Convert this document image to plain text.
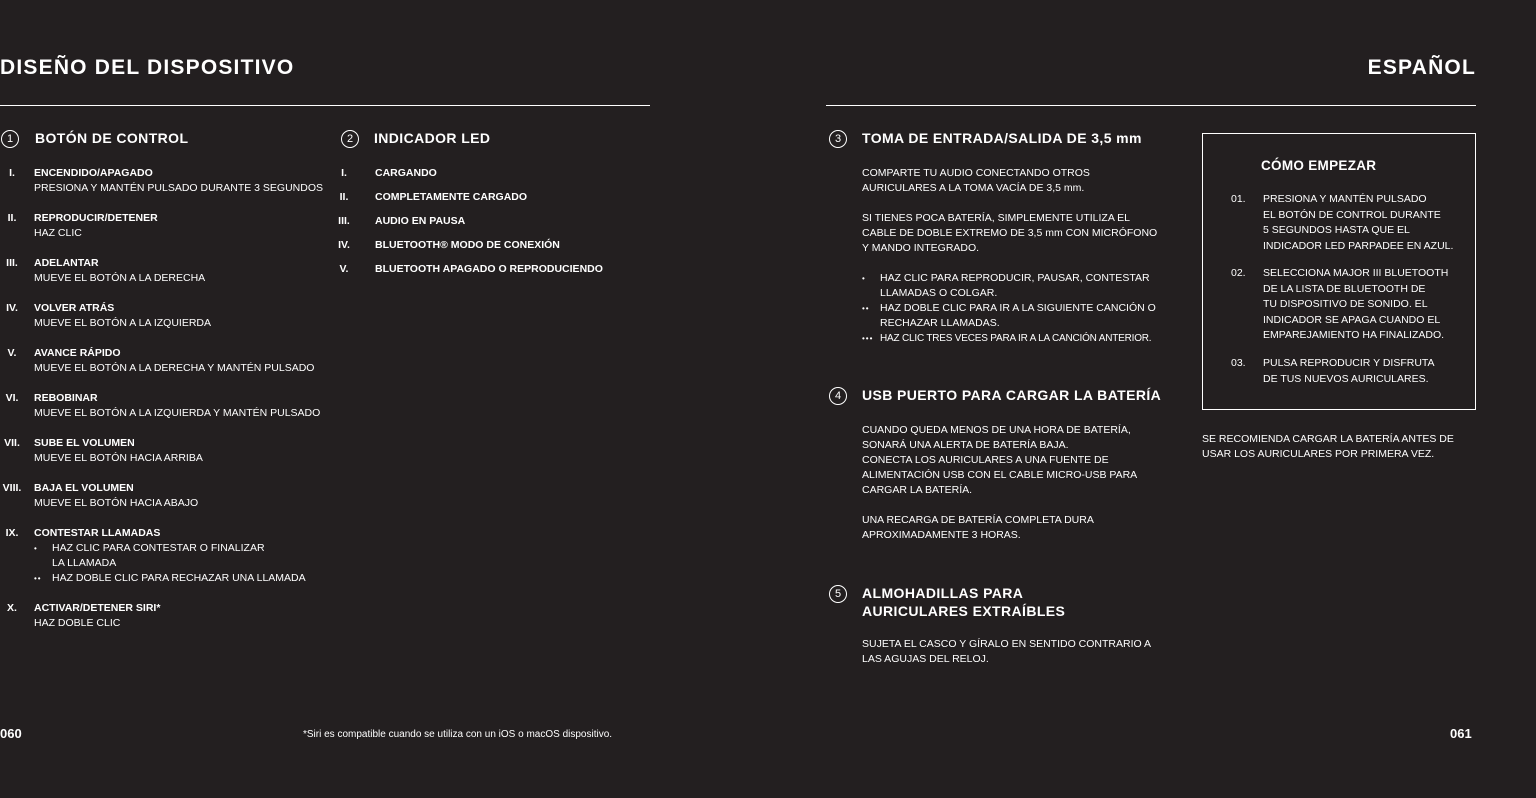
DISEÑO DEL DISPOSITIVO
1	BOTÓN DE CONTROL
I.	ENCENDIDO/APAGADO
PRESIONA Y MANTÉN PULSADO DURANTE 3 SEGUNDOS
II.	REPRODUCIR/DETENER
HAZ CLIC
III.	ADELANTAR
MUEVE EL BOTÓN A LA DERECHA
IV.	VOLVER ATRÁS
MUEVE EL BOTÓN A LA IZQUIERDA
V.	AVANCE RÁPIDO
MUEVE EL BOTÓN A LA DERECHA Y MANTÉN PULSADO
VI.	REBOBINAR
MUEVE EL BOTÓN A LA IZQUIERDA Y MANTÉN PULSADO
VII.	SUBE EL VOLUMEN
MUEVE EL BOTÓN HACIA ARRIBA
VIII. BAJA EL VOLUMEN
MUEVE EL BOTÓN HACIA ABAJO
IX.	CONTESTAR LLAMADAS
• HAZ CLIC PARA CONTESTAR O FINALIZAR
LA LLAMADA
•• HAZ DOBLE CLIC PARA RECHAZAR UNA LLAMADA
X.	ACTIVAR/DETENER SIRI*
HAZ DOBLE CLIC
2	INDICADOR LED
I.	CARGANDO
II.	COMPLETAMENTE CARGADO
III.	AUDIO EN PAUSA
IV.	BLUETOOTH® MODO DE CONEXIÓN
V.	BLUETOOTH APAGADO O REPRODUCIENDO
060	*Siri es compatible cuando se utiliza con un iOS o macOS dispositivo.
ESPAÑOL
3	TOMA DE ENTRADA/SALIDA DE 3,5 mm

COMPARTE TU AUDIO CONECTANDO OTROS
AURICULARES A LA TOMA VACÍA DE 3,5 mm.

SI TIENES POCA BATERÍA, SIMPLEMENTE UTILIZA EL
CABLE DE DOBLE EXTREMO DE 3,5 mm CON MICRÓFONO
Y MANDO INTEGRADO.

• HAZ CLIC PARA REPRODUCIR, PAUSAR, CONTESTAR
LLAMADAS O COLGAR.
•• HAZ DOBLE CLIC PARA IR A LA SIGUIENTE CANCIÓN O
RECHAZAR LLAMADAS.
••• HAZ CLIC TRES VECES PARA IR A LA CANCIÓN ANTERIOR.
4	USB PUERTO PARA CARGAR LA BATERÍA

CUANDO QUEDA MENOS DE UNA HORA DE BATERÍA,
SONARÁ UNA ALERTA DE BATERÍA BAJA.
CONECTA LOS AURICULARES A UNA FUENTE DE
ALIMENTACIÓN USB CON EL CABLE MICRO-USB PARA
CARGAR LA BATERÍA.

UNA RECARGA DE BATERÍA COMPLETA DURA
APROXIMADAMENTE 3 HORAS.

5	ALMOHADILLAS PARA
AURICULARES EXTRAÍBLES

SUJETA EL CASCO Y GÍRALO EN SENTIDO CONTRARIO A
LAS AGUJAS DEL RELOJ.

CÓMO EMPEZAR
01.	PRESIONA Y MANTÉN PULSADO
EL BOTÓN DE CONTROL DURANTE
5 SEGUNDOS HASTA QUE EL
INDICADOR LED PARPADEE EN AZUL.
02.	SELECCIONA MAJOR III BLUETOOTH
DE LA LISTA DE BLUETOOTH DE
TU DISPOSITIVO DE SONIDO. EL
INDICADOR SE APAGA CUANDO EL
EMPAREJAMIENTO HA FINALIZADO.
03.	PULSA REPRODUCIR Y DISFRUTA
DE TUS NUEVOS AURICULARES.
SE RECOMIENDA CARGAR LA BATERÍA ANTES DE
USAR LOS AURICULARES POR PRIMERA VEZ.
061
